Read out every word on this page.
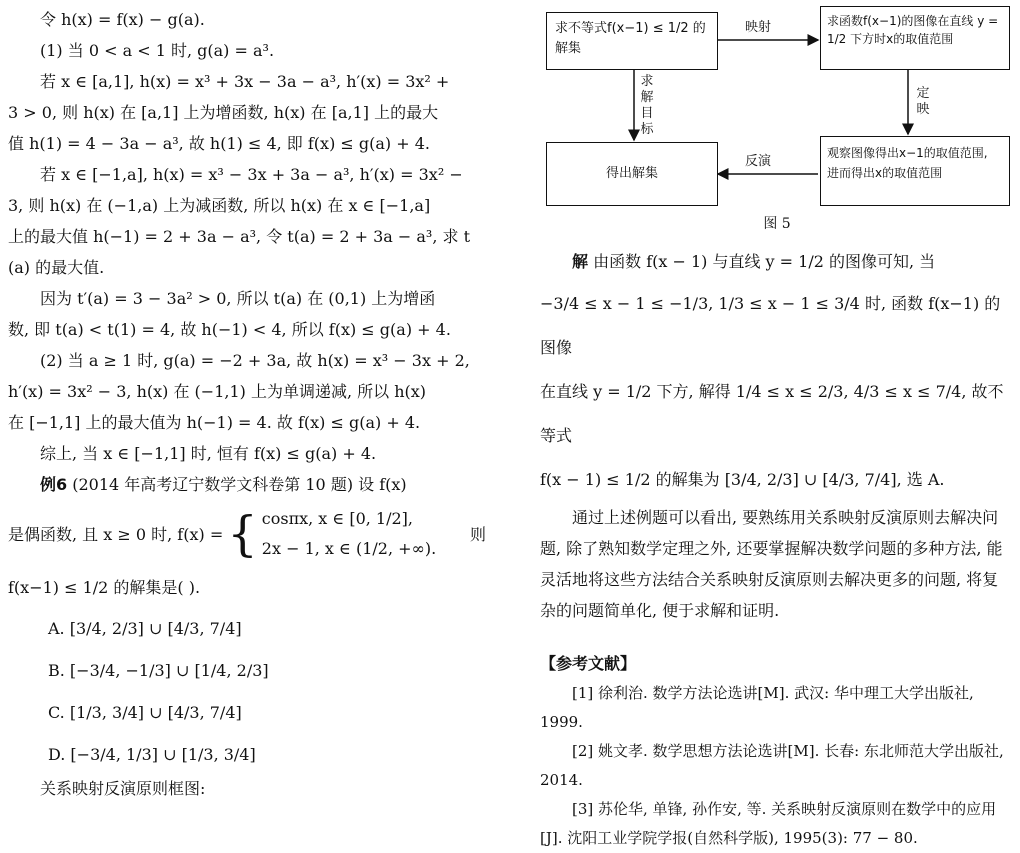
令 h(x) = f(x) − g(a).

(1) 当 0 < a < 1 时, g(a) = a³.

若 x ∈ [a,1], h(x) = x³ + 3x − 3a − a³, h′(x) = 3x² +

3 > 0, 则 h(x) 在 [a,1] 上为增函数, h(x) 在 [a,1] 上的最大

值 h(1) = 4 − 3a − a³, 故 h(1) ≤ 4, 即 f(x) ≤ g(a) + 4.

若 x ∈ [−1,a], h(x) = x³ − 3x + 3a − a³, h′(x) = 3x² −

3, 则 h(x) 在 (−1,a) 上为减函数, 所以 h(x) 在 x ∈ [−1,a]

上的最大值 h(−1) = 2 + 3a − a³, 令 t(a) = 2 + 3a − a³, 求 t

(a) 的最大值.

因为 t′(a) = 3 − 3a² > 0, 所以 t(a) 在 (0,1) 上为增函

数, 即 t(a) < t(1) = 4, 故 h(−1) < 4, 所以 f(x) ≤ g(a) + 4.

(2) 当 a ≥ 1 时, g(a) = −2 + 3a, 故 h(x) = x³ − 3x + 2,

h′(x) = 3x² − 3, h(x) 在 (−1,1) 上为单调递减, 所以 h(x)

在 [−1,1] 上的最大值为 h(−1) = 4. 故 f(x) ≤ g(a) + 4.

综上, 当 x ∈ [−1,1] 时, 恒有 f(x) ≤ g(a) + 4.

例6 (2014 年高考辽宁数学文科卷第 10 题) 设 f(x)

是偶函数, 且 x ≥ 0 时, f(x) = { cosπx, x ∈ [0, 1/2],
2x − 1, x ∈ (1/2, +∞).
则

f(x−1) ≤ 1/2 的解集是( ).

A. [3/4, 2/3] ∪ [4/3, 7/4]

B. [−3/4, −1/3] ∪ [1/4, 2/3]

C. [1/3, 3/4] ∪ [4/3, 7/4]

D. [−3/4, 1/3] ∪ [1/3, 3/4]

关系映射反演原则框图:

求不等式f(x−1) ≤ 1/2 的解集
求函数f(x−1)的图像在直线 y = 1/2 下方时x的取值范围
得出解集
观察图像得出x−1的取值范围, 进而得出x的取值范围
映射
定映
反演
求解目标
图 5

解 由函数 f(x − 1) 与直线 y = 1/2 的图像可知, 当

−3/4 ≤ x − 1 ≤ −1/3, 1/3 ≤ x − 1 ≤ 3/4 时, 函数 f(x−1) 的图像

在直线 y = 1/2 下方, 解得 1/4 ≤ x ≤ 2/3, 4/3 ≤ x ≤ 7/4, 故不等式

f(x − 1) ≤ 1/2 的解集为 [3/4, 2/3] ∪ [4/3, 7/4], 选 A.

通过上述例题可以看出, 要熟练用关系映射反演原则去解决问题, 除了熟知数学定理之外, 还要掌握解决数学问题的多种方法, 能灵活地将这些方法结合关系映射反演原则去解决更多的问题, 将复杂的问题简单化, 便于求解和证明.

【参考文献】

[1] 徐利治. 数学方法论选讲[M]. 武汉: 华中理工大学出版社, 1999.

[2] 姚文孝. 数学思想方法论选讲[M]. 长春: 东北师范大学出版社, 2014.

[3] 苏伦华, 单锋, 孙作安, 等. 关系映射反演原则在数学中的应用[J]. 沈阳工业学院学报(自然科学版), 1995(3): 77 − 80.
